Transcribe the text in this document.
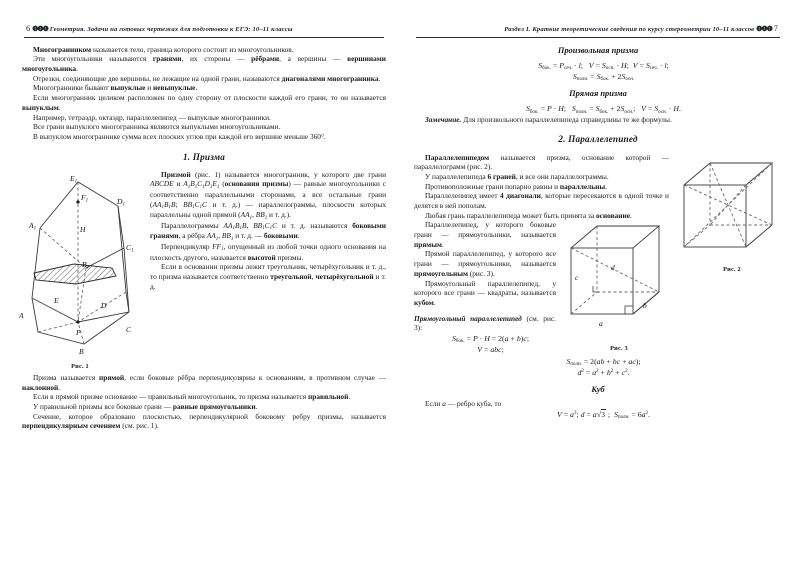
6 ❶❶❶ Геометрия. Задачи на готовых чертежах для подготовки к ЕГЭ: 10–11 классы

Многогранником называется тело, граница которого состоит из многоугольников.

Эти многоугольники называются гранями, их стороны — рёбрами, а вершины — вершинами многоугольника.

Отрезки, соединяющие две вершины, не лежащие на одной грани, называются диагоналями многогранника.

Многогранники бывают выпуклые и невыпуклые.

Если многогранник целиком расположен по одну сторону от плоскости каждой его грани, то он называется выпуклым.

Например, тетраэдр, октаэдр, параллелепипед — выпуклые многогранники.

Все грани выпуклого многогранника являются выпуклыми многоугольниками.

В выпуклом многограннике сумма всех плоских углов при каждой его вершине меньше 360°.

1. Призма
$E_1$
$D_1$
$A_1$
$C_1$
$B_1$
$F_1$
H
E
D
A
P
B
C
Рис. 1

Призмой (рис. 1) называется многогранник, у которого две грани ABCDE и $A_1B_1C_1D_1E_1$ (основания призмы) — равные многоугольники с соответственно параллельными сторонами, а все остальные грани ($AA_1B_1B$; $BB_1C_1C$ и т. д.) — параллелограммы, плоскости которых параллельны одной прямой ($AA_1$, $BB_1$ и т. д.).

Параллелограммы $AA_1B_1B$, $BB_1C_1C$ и т. д. называются боковыми гранями, а рёбра $AA_1$, $BB_1$ и т. д. — боковыми.

Перпендикуляр $FF_1$, опущенный из любой точки одного основания на плоскость другого, называется высотой призмы.

Если в основании призмы лежит треугольник, четырёхугольник и т. д., то призма называется соответственно треугольной, четырёхугольной и т. д.

Призма называется прямой, если боковые рёбра перпендикулярны к основаниям, в противном случае — наклонной.

Если в прямой призме основание — правильный многоугольник, то призма называется правильной.

У правильной призмы все боковые грани — равные прямоугольники.

Сечение, которое образовано плоскостью, перпендикулярной боковому ребру призмы, называется перпендикулярным сечением (см. рис. 1).

Раздел I. Краткие теоретические сведения по курсу стереометрии 10–11 классов ❶❶❶ 7
Произвольная призма

$S_{бок.} = P_{сеч.} \cdot l$;   $V = S_{осн.} \cdot H$;  $V = S_{сеч.} \cdot l$;

$S_{полн.} = S_{бок.} + 2S_{осн.}$

Прямая призма

$S_{бок.} = P \cdot H$;   $S_{полн.} = S_{бок.} + 2S_{осн.}$;   $V = S_{осн.} \cdot H$.

Замечание. Для произвольного параллелепипеда справедливы те же формулы.

2. Параллелепипед
Рис. 2

Параллелепипедом называется призма, основание которой — параллелограмм (рис. 2).

У параллелепипеда 6 граней, и все они параллелограммы.

Противоположные грани попарно равны и параллельны.

Параллелепипед имеет 4 диагонали, которые пересекаются в одной точке и делятся в ней пополам.

Любая грань параллелепипеда может быть принята за основание.

c
a
b
d
Рис. 3

Параллелепипед, у которого боковые грани — прямоугольники, называется прямым.

Прямой параллелепипед, у которого все грани — прямоугольники, называется прямоугольным (рис. 3).

Прямоугольный параллелепипед, у которого все грани — квадраты, называется кубом.

Прямоугольный параллелепипед (см. рис. 3):

$S_{бок.} = P \cdot H = 2(a + b)c$;

V = abc;

$S_{полн.} = 2(ab$ + bc + ac);

$d^2 = a^2 + b^2 + c^2$.

Куб

Если a — ребро куба, то

$V = a^3$; d = a√3 ;  $S_{полн.} = 6a^2$.
